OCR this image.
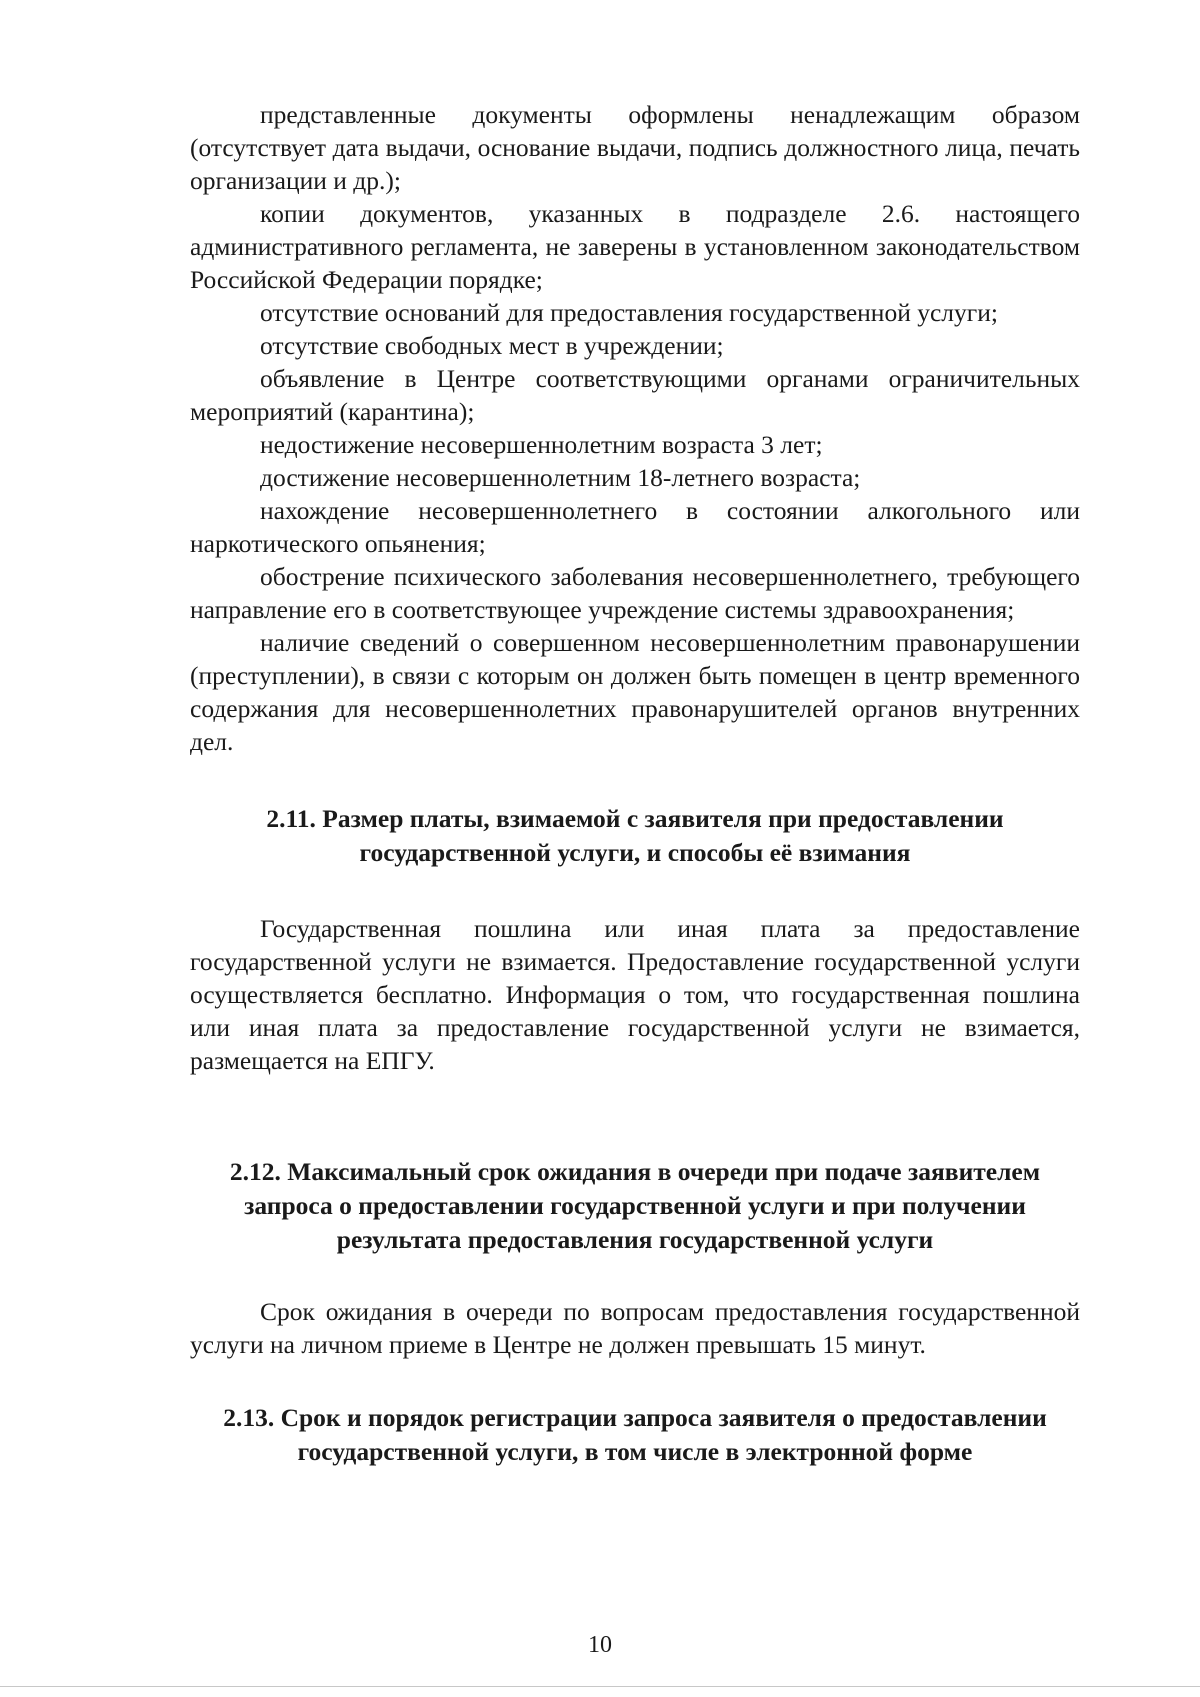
представленные документы оформлены ненадлежащим образом (отсутствует дата выдачи, основание выдачи, подпись должностного лица, печать организации и др.);

копии документов, указанных в подразделе 2.6. настоящего административного регламента, не заверены в установленном законодательством Российской Федерации порядке;

отсутствие оснований для предоставления государственной услуги;

отсутствие свободных мест в учреждении;

объявление в Центре соответствующими органами ограничительных мероприятий (карантина);

недостижение несовершеннолетним возраста 3 лет;

достижение несовершеннолетним 18-летнего возраста;

нахождение несовершеннолетнего в состоянии алкогольного или наркотического опьянения;

обострение психического заболевания несовершеннолетнего, требующего направление его в соответствующее учреждение системы здравоохранения;

наличие сведений о совершенном несовершеннолетним правонарушении (преступлении), в связи с которым он должен быть помещен в центр временного содержания для несовершеннолетних правонарушителей органов внутренних дел.

2.11. Размер платы, взимаемой с заявителя при предоставлении государственной услуги, и способы её взимания

Государственная пошлина или иная плата за предоставление государственной услуги не взимается. Предоставление государственной услуги осуществляется бесплатно. Информация о том, что государственная пошлина или иная плата за предоставление государственной услуги не взимается, размещается на ЕПГУ.

2.12. Максимальный срок ожидания в очереди при подаче заявителем запроса о предоставлении государственной услуги и при получении результата предоставления государственной услуги

Срок ожидания в очереди по вопросам предоставления государственной услуги на личном приеме в Центре не должен превышать 15 минут.

2.13. Срок и порядок регистрации запроса заявителя о предоставлении государственной услуги, в том числе в электронной форме
10
